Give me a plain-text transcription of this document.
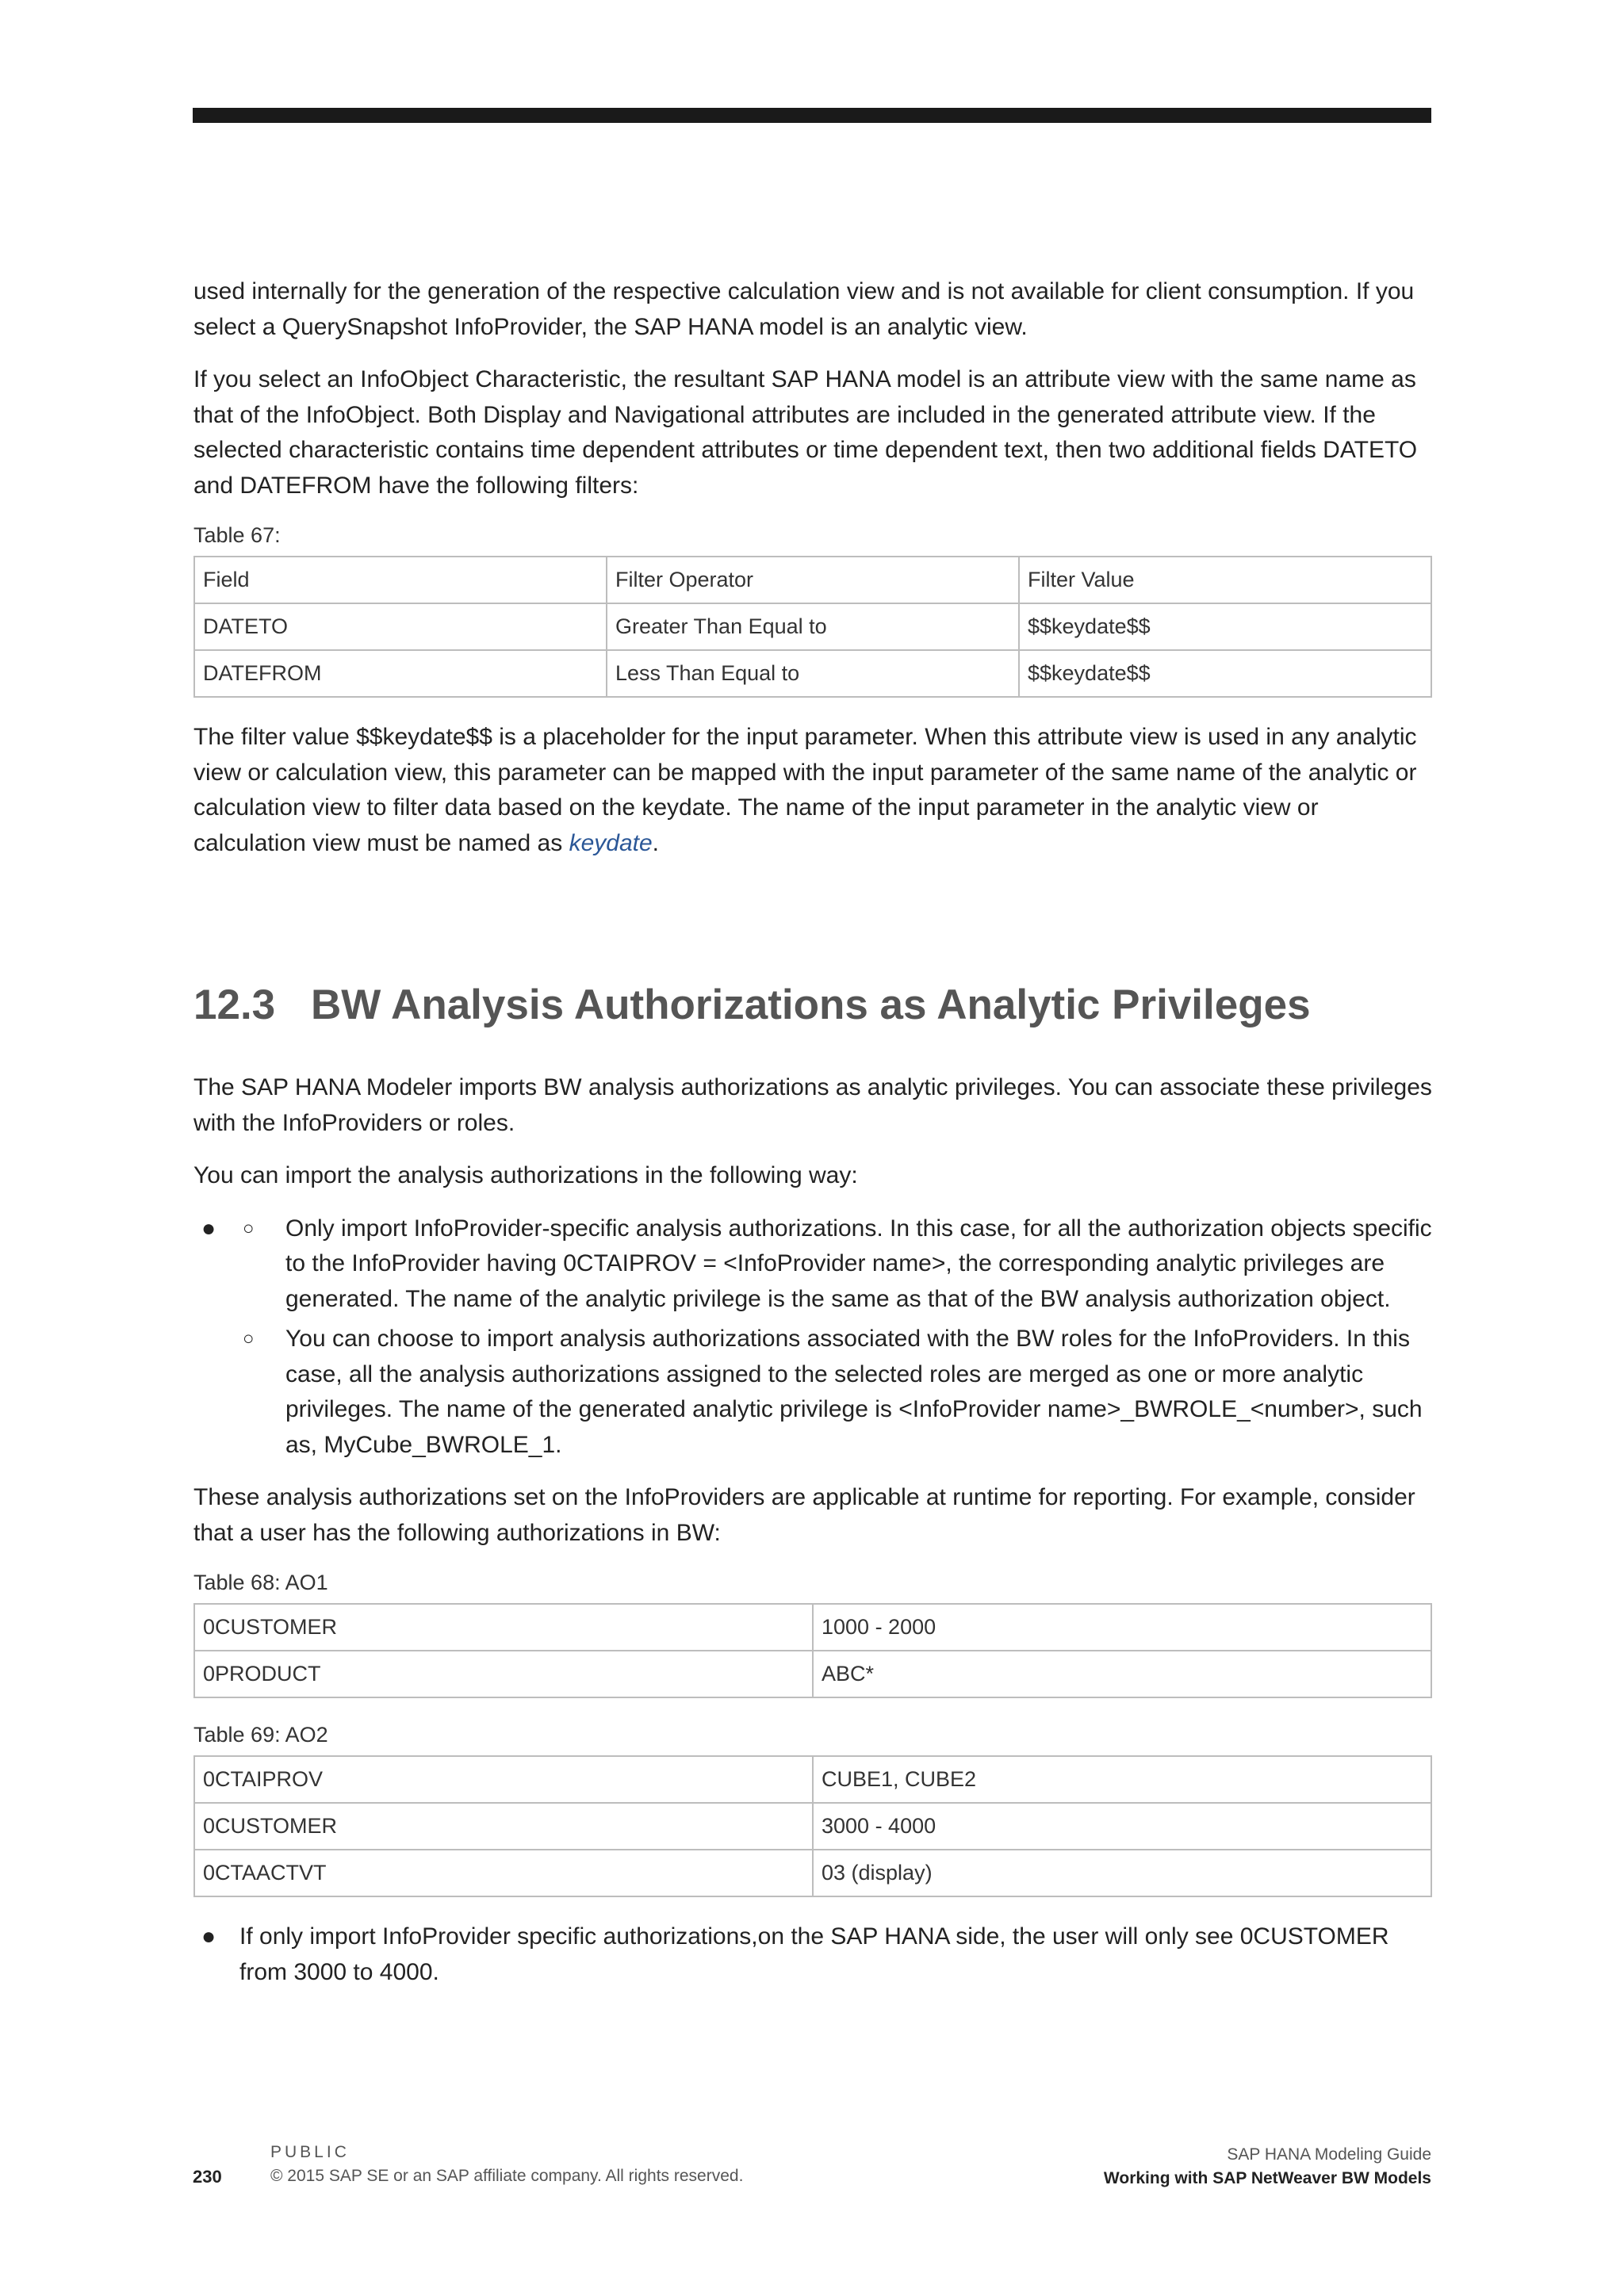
used internally for the generation of the respective calculation view and is not available for client consumption. If you select a QuerySnapshot InfoProvider, the SAP HANA model is an analytic view.

If you select an InfoObject Characteristic, the resultant SAP HANA model is an attribute view with the same name as that of the InfoObject. Both Display and Navigational attributes are included in the generated attribute view. If the selected characteristic contains time dependent attributes or time dependent text, then two additional fields DATETO and DATEFROM have the following filters:

Table 67:
Field	Filter Operator	Filter Value
DATETO	Greater Than Equal to	$$keydate$$
DATEFROM	Less Than Equal to	$$keydate$$

The filter value $$keydate$$ is a placeholder for the input parameter. When this attribute view is used in any analytic view or calculation view, this parameter can be mapped with the input parameter of the same name of the analytic or calculation view to filter data based on the keydate. The name of the input parameter in the analytic view or calculation view must be named as keydate.

12.3 BW Analysis Authorizations as Analytic Privileges

The SAP HANA Modeler imports BW analysis authorizations as analytic privileges. You can associate these privileges with the InfoProviders or roles.

You can import the analysis authorizations in the following way:

●	○	Only import InfoProvider-specific analysis authorizations. In this case, for all the authorization objects specific to the InfoProvider having 0CTAIPROV = <InfoProvider name>, the corresponding analytic privileges are generated. The name of the analytic privilege is the same as that of the BW analysis authorization object.
○	You can choose to import analysis authorizations associated with the BW roles for the InfoProviders. In this case, all the analysis authorizations assigned to the selected roles are merged as one or more analytic privileges. The name of the generated analytic privilege is <InfoProvider name>_BWROLE_<number>, such as, MyCube_BWROLE_1.

These analysis authorizations set on the InfoProviders are applicable at runtime for reporting. For example, consider that a user has the following authorizations in BW:

Table 68: AO1
0CUSTOMER	1000 - 2000
0PRODUCT	ABC*
Table 69: AO2
0CTAIPROV	CUBE1, CUBE2
0CUSTOMER	3000 - 4000
0CTAACTVT	03 (display)
● If only import InfoProvider specific authorizations,on the SAP HANA side, the user will only see 0CUSTOMER from 3000 to 4000.
230
PUBLIC
© 2015 SAP SE or an SAP affiliate company. All rights reserved.
SAP HANA Modeling Guide
Working with SAP NetWeaver BW Models
